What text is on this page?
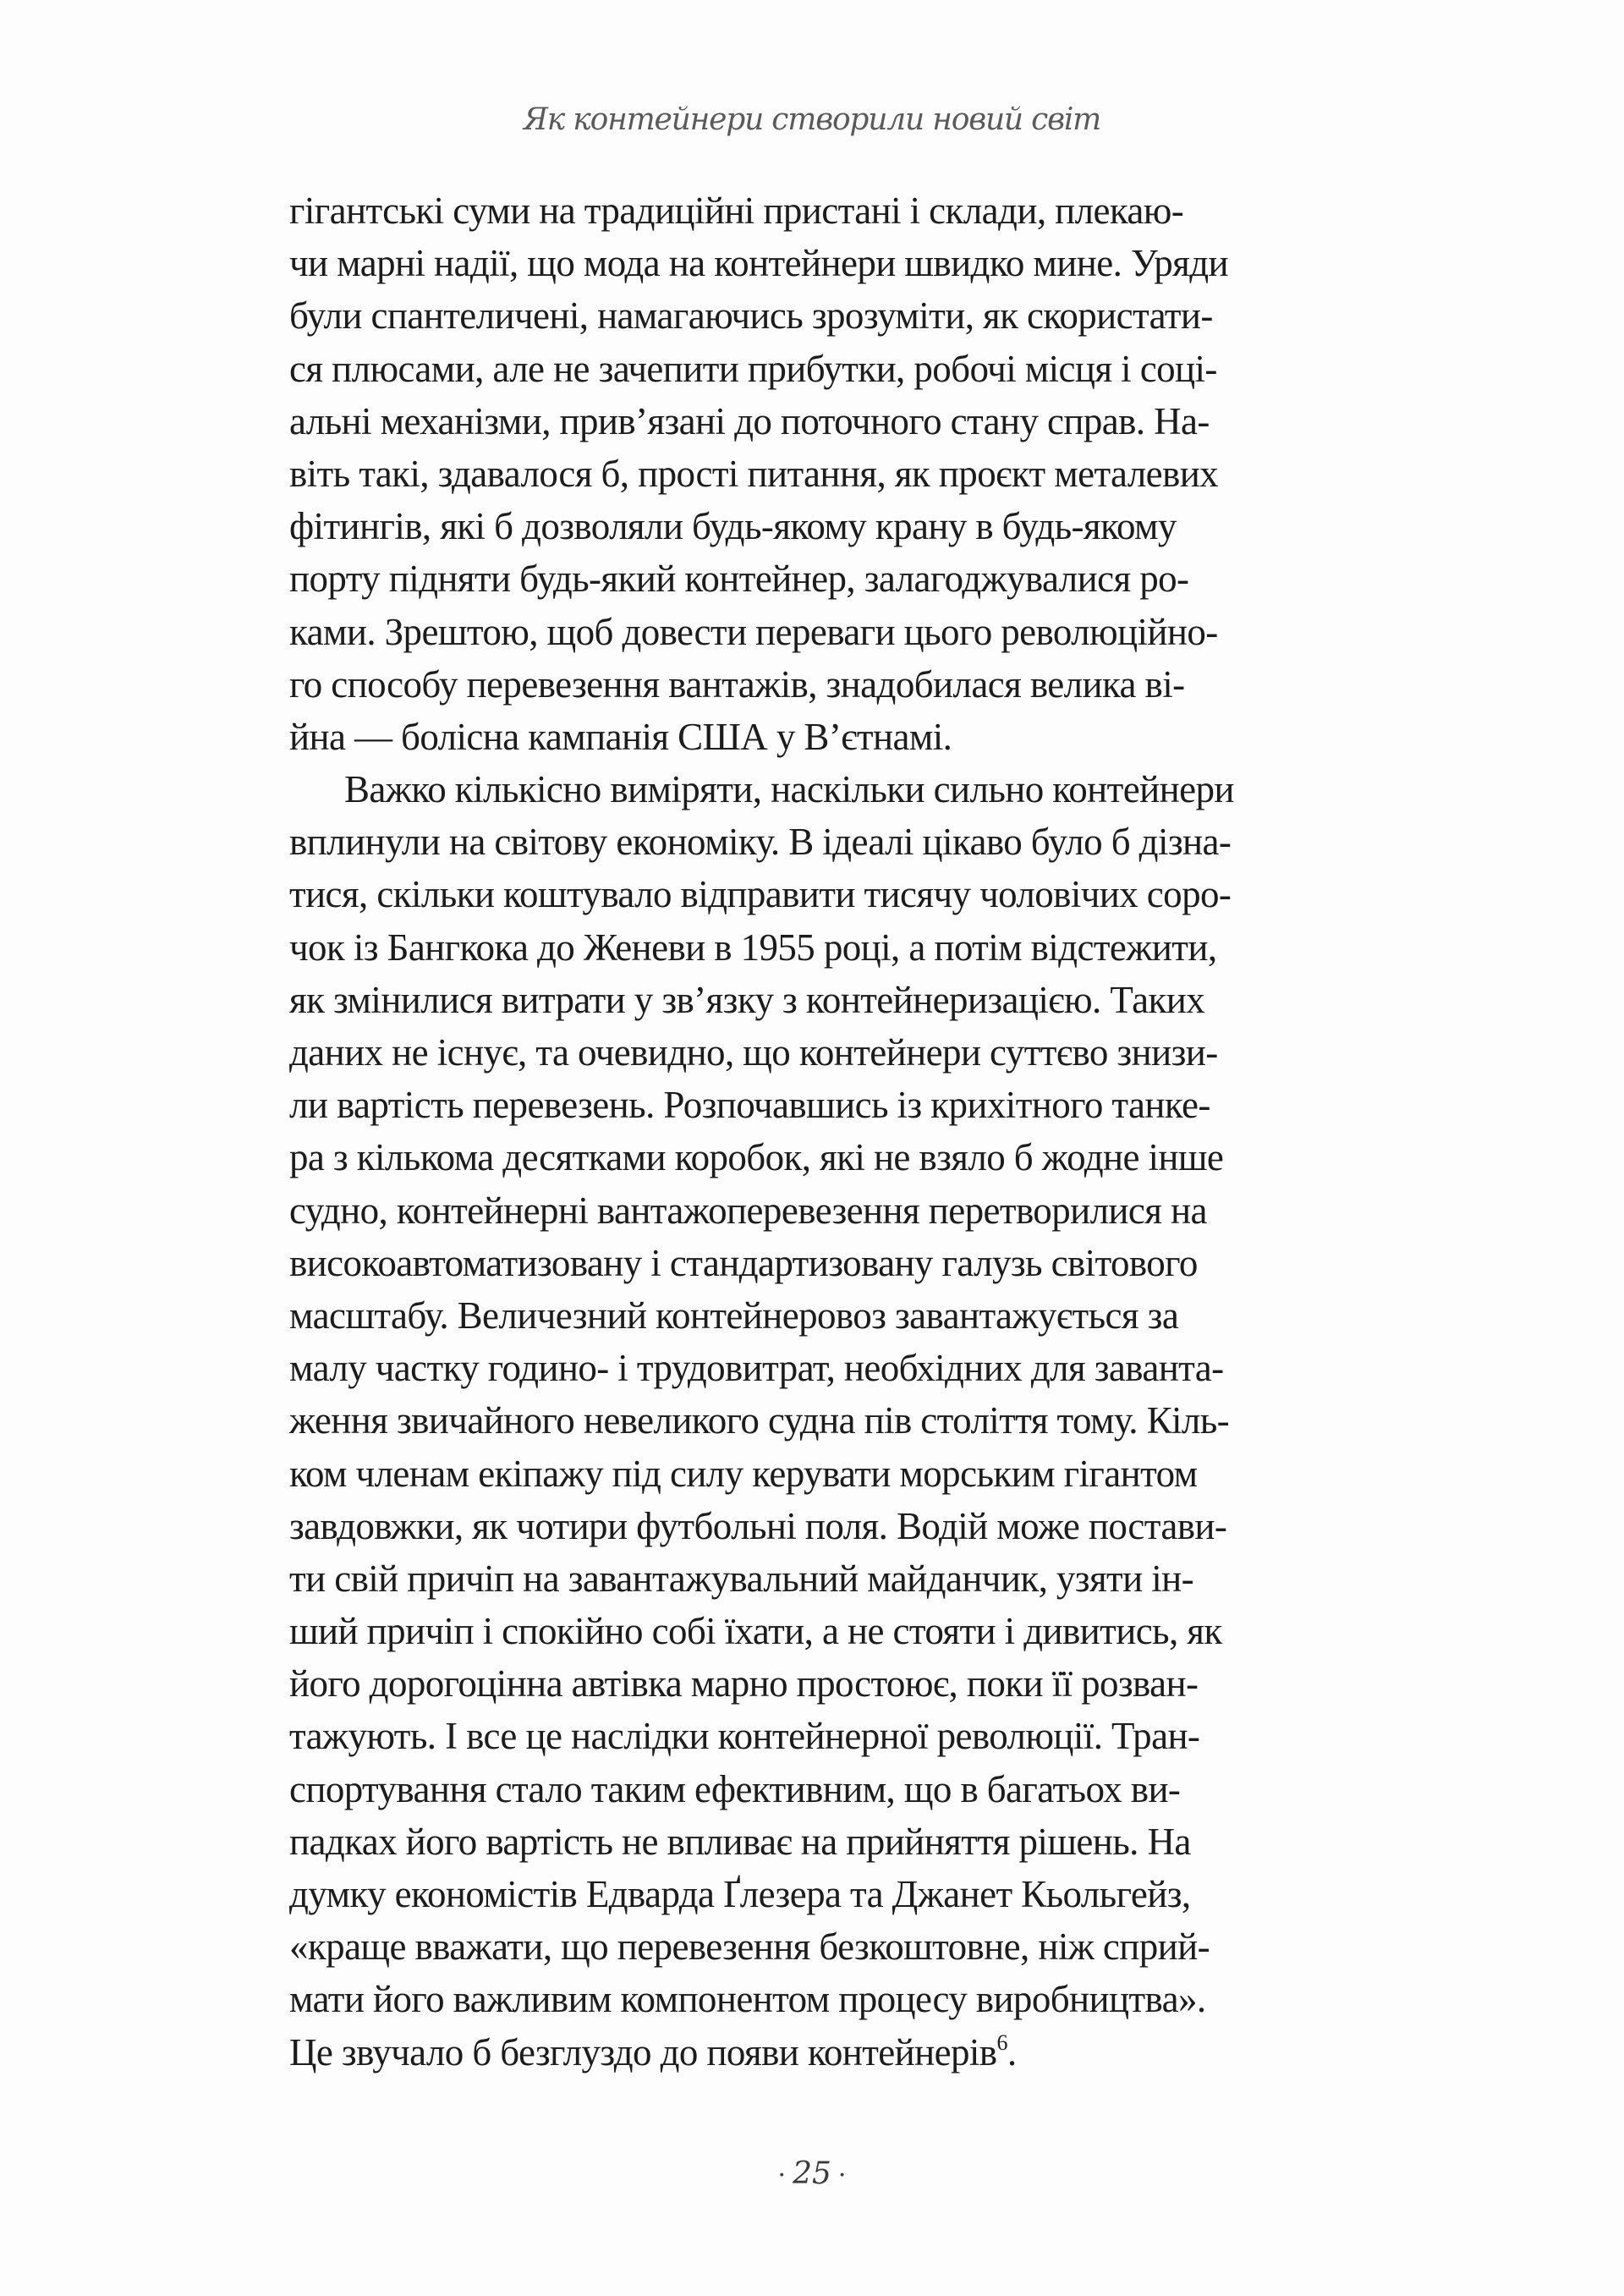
Як контейнери створили новий світ
гігантські суми на традиційні пристані і склади, плекаю-
чи марні надії, що мода на контейнери швидко мине. Уряди
були спантеличені, намагаючись зрозуміти, як скористати-
ся плюсами, але не зачепити прибутки, робочі місця і соці-
альні механізми, прив’язані до поточного стану справ. На-
віть такі, здавалося б, прості питання, як проєкт металевих
фітингів, які б дозволяли будь-якому крану в будь-якому
порту підняти будь-який контейнер, залагоджувалися ро-
ками. Зрештою, щоб довести переваги цього революційно-
го способу перевезення вантажів, знадобилася велика ві-
йна — болісна кампанія США у В’єтнамі.
Важко кількісно виміряти, наскільки сильно контейнери
вплинули на світову економіку. В ідеалі цікаво було б дізна-
тися, скільки коштувало відправити тисячу чоловічих соро-
чок із Бангкока до Женеви в 1955 році, а потім відстежити,
як змінилися витрати у зв’язку з контейнеризацією. Таких
даних не існує, та очевидно, що контейнери суттєво знизи-
ли вартість перевезень. Розпочавшись із крихітного танке-
ра з кількома десятками коробок, які не взяло б жодне інше
судно, контейнерні вантажоперевезення перетворилися на
високоавтоматизовану і стандартизовану галузь світового
масштабу. Величезний контейнеровоз завантажується за
малу частку годино- і трудовитрат, необхідних для заванта-
ження звичайного невеликого судна пів століття тому. Кіль-
ком членам екіпажу під силу керувати морським гігантом
завдовжки, як чотири футбольні поля. Водій може постави-
ти свій причіп на завантажувальний майданчик, узяти ін-
ший причіп і спокійно собі їхати, а не стояти і дивитись, як
його дорогоцінна автівка марно простоює, поки її розван-
тажують. І все це наслідки контейнерної революції. Тран-
спортування стало таким ефективним, що в багатьох ви-
падках його вартість не впливає на прийняття рішень. На
думку економістів Едварда Ґлезера та Джанет Кьольгейз,
«краще вважати, що перевезення безкоштовне, ніж сприй-
мати його важливим компонентом процесу виробництва».
Це звучало б безглуздо до появи контейнерів$^6$.
· 25 ·
